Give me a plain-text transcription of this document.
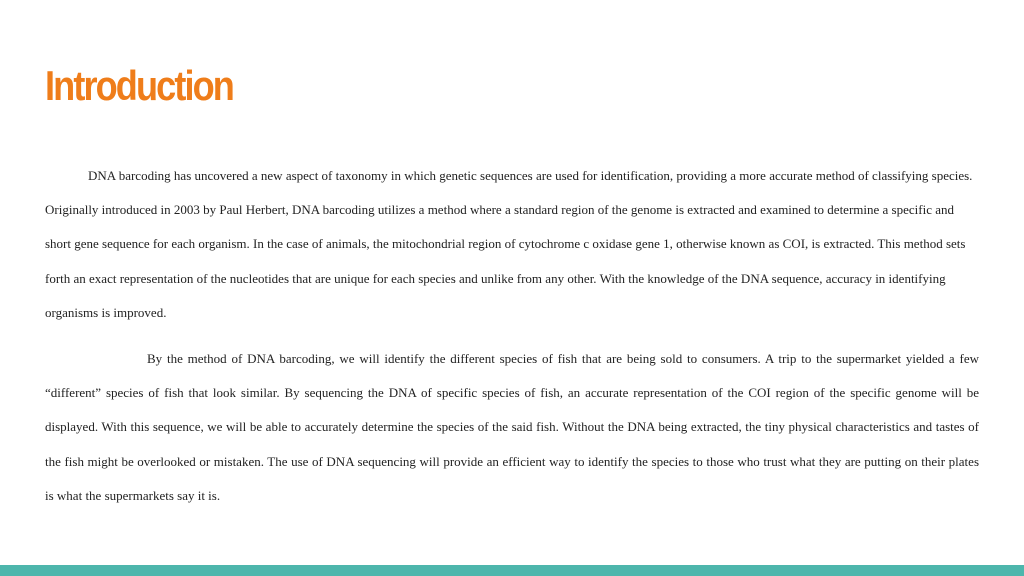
Introduction

DNA barcoding has uncovered a new aspect of taxonomy in which genetic sequences are used for identification, providing a more accurate method of classifying species. Originally introduced in 2003 by Paul Herbert, DNA barcoding utilizes a method where a standard region of the genome is extracted and examined to determine a specific and short gene sequence for each organism. In the case of animals, the mitochondrial region of cytochrome c oxidase gene 1, otherwise known as COI, is extracted. This method sets forth an exact representation of the nucleotides that are unique for each species and unlike from any other. With the knowledge of the DNA sequence, accuracy in identifying organisms is improved.

By the method of DNA barcoding, we will identify the different species of fish that are being sold to consumers. A trip to the supermarket yielded a few “different” species of fish that look similar. By sequencing the DNA of specific species of fish, an accurate representation of the COI region of the specific genome will be displayed. With this sequence, we will be able to accurately determine the species of the said fish. Without the DNA being extracted, the tiny physical characteristics and tastes of the fish might be overlooked or mistaken. The use of DNA sequencing will provide an efficient way to identify the species to those who trust what they are putting on their plates is what the supermarkets say it is.
